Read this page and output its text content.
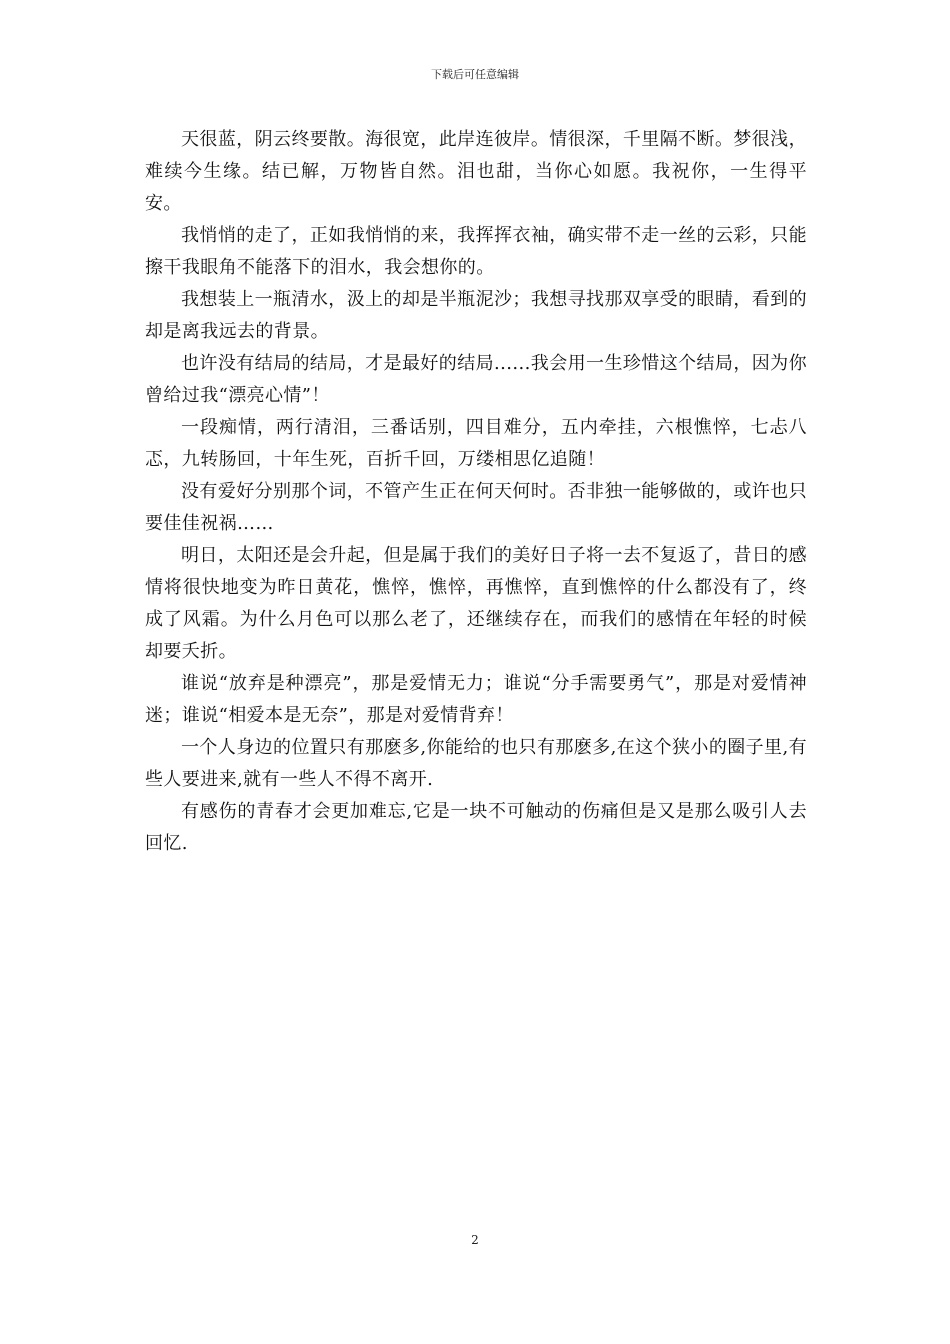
下载后可任意编辑

天很蓝，阴云终要散。海很宽，此岸连彼岸。情很深，千里隔不断。梦很浅，难续今生缘。结已解，万物皆自然。泪也甜，当你心如愿。我祝你，一生得平安。

我悄悄的走了，正如我悄悄的来，我挥挥衣袖，确实带不走一丝的云彩，只能擦干我眼角不能落下的泪水，我会想你的。

我想装上一瓶清水，汲上的却是半瓶泥沙；我想寻找那双享受的眼睛，看到的却是离我远去的背景。

也许没有结局的结局，才是最好的结局......我会用一生珍惜这个结局，因为你曾给过我“漂亮心情”！

一段痴情，两行清泪，三番话别，四目难分，五内牵挂，六根憔悴，七忐八忑，九转肠回，十年生死，百折千回，万缕相思亿追随！

没有爱好分别那个词，不管产生正在何天何时。否非独一能够做的，或许也只要佳佳祝祸……

明日，太阳还是会升起，但是属于我们的美好日子将一去不复返了，昔日的感情将很快地变为昨日黄花，憔悴，憔悴，再憔悴，直到憔悴的什么都没有了，终成了风霜。为什么月色可以那么老了，还继续存在，而我们的感情在年轻的时候却要夭折。

谁说“放弃是种漂亮”，那是爱情无力；谁说“分手需要勇气”，那是对爱情神迷；谁说“相爱本是无奈”，那是对爱情背弃！

一个人身边的位置只有那麽多,你能给的也只有那麽多,在这个狭小的圈子里,有些人要进来,就有一些人不得不离开.

有感伤的青春才会更加难忘,它是一块不可触动的伤痛但是又是那么吸引人去回忆.

2
